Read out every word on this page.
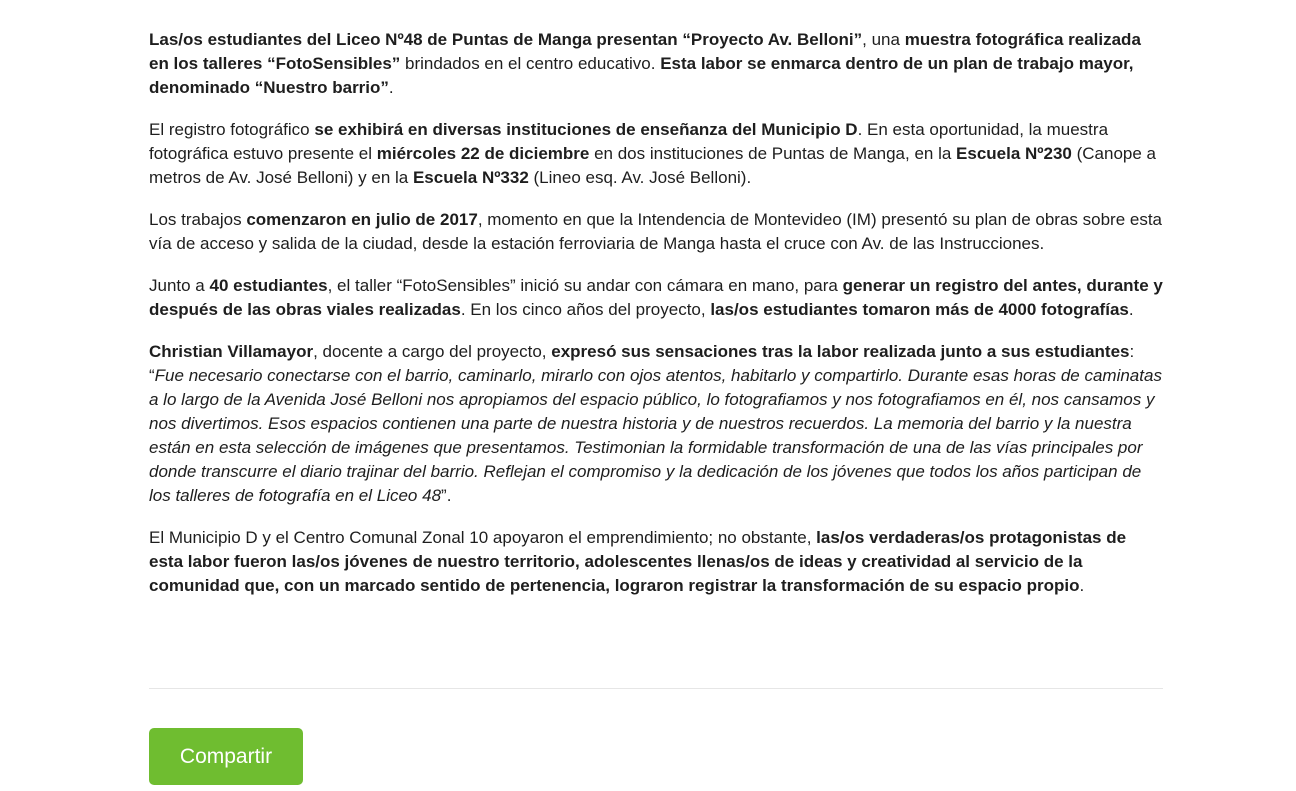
Las/os estudiantes del Liceo Nº48 de Puntas de Manga presentan “Proyecto Av. Belloni”, una muestra fotográfica realizada en los talleres “FotoSensibles” brindados en el centro educativo. Esta labor se enmarca dentro de un plan de trabajo mayor, denominado “Nuestro barrio”.

El registro fotográfico se exhibirá en diversas instituciones de enseñanza del Municipio D. En esta oportunidad, la muestra fotográfica estuvo presente el miércoles 22 de diciembre en dos instituciones de Puntas de Manga, en la Escuela Nº230 (Canope a metros de Av. José Belloni) y en la Escuela Nº332 (Lineo esq. Av. José Belloni).

Los trabajos comenzaron en julio de 2017, momento en que la Intendencia de Montevideo (IM) presentó su plan de obras sobre esta vía de acceso y salida de la ciudad, desde la estación ferroviaria de Manga hasta el cruce con Av. de las Instrucciones.

Junto a 40 estudiantes, el taller “FotoSensibles” inició su andar con cámara en mano, para generar un registro del antes, durante y después de las obras viales realizadas. En los cinco años del proyecto, las/os estudiantes tomaron más de 4000 fotografías.

Christian Villamayor, docente a cargo del proyecto, expresó sus sensaciones tras la labor realizada junto a sus estudiantes: “Fue necesario conectarse con el barrio, caminarlo, mirarlo con ojos atentos, habitarlo y compartirlo. Durante esas horas de caminatas a lo largo de la Avenida José Belloni nos apropiamos del espacio público, lo fotografiamos y nos fotografiamos en él, nos cansamos y nos divertimos. Esos espacios contienen una parte de nuestra historia y de nuestros recuerdos. La memoria del barrio y la nuestra están en esta selección de imágenes que presentamos. Testimonian la formidable transformación de una de las vías principales por donde transcurre el diario trajinar del barrio. Reflejan el compromiso y la dedicación de los jóvenes que todos los años participan de los talleres de fotografía en el Liceo 48”.

El Municipio D y el Centro Comunal Zonal 10 apoyaron el emprendimiento; no obstante, las/os verdaderas/os protagonistas de esta labor fueron las/os jóvenes de nuestro territorio, adolescentes llenas/os de ideas y creatividad al servicio de la comunidad que, con un marcado sentido de pertenencia, lograron registrar la transformación de su espacio propio.

Compartir
